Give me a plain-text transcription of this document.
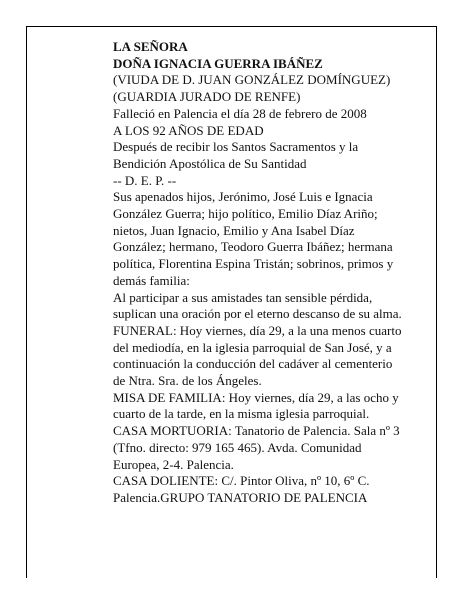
LA SEÑORA
DOÑA IGNACIA GUERRA IBÁÑEZ
(VIUDA DE D. JUAN GONZÁLEZ DOMÍNGUEZ)
(GUARDIA JURADO DE RENFE)
Falleció en Palencia el día 28 de febrero de 2008
A LOS 92 AÑOS DE EDAD
Después de recibir los Santos Sacramentos y la
Bendición Apostólica de Su Santidad
-- D. E. P. --
Sus apenados hijos, Jerónimo, José Luis e Ignacia
González Guerra; hijo político, Emilio Díaz Ariño;
nietos, Juan Ignacio, Emilio y Ana Isabel Díaz
González; hermano, Teodoro Guerra Ibáñez; hermana
política, Florentina Espina Tristán; sobrinos, primos y
demás familia:
Al participar a sus amistades tan sensible pérdida,
suplican una oración por el eterno descanso de su alma.
FUNERAL: Hoy viernes, día 29, a la una menos cuarto
del mediodía, en la iglesia parroquial de San José, y a
continuación la conducción del cadáver al cementerio
de Ntra. Sra. de los Ángeles.
MISA DE FAMILIA: Hoy viernes, día 29, a las ocho y
cuarto de la tarde, en la misma iglesia parroquial.
CASA MORTUORIA: Tanatorio de Palencia. Sala nº 3
(Tfno. directo: 979 165 465). Avda. Comunidad
Europea, 2-4. Palencia.
CASA DOLIENTE: C/. Pintor Oliva, nº 10, 6º C.
Palencia.GRUPO TANATORIO DE PALENCIA
